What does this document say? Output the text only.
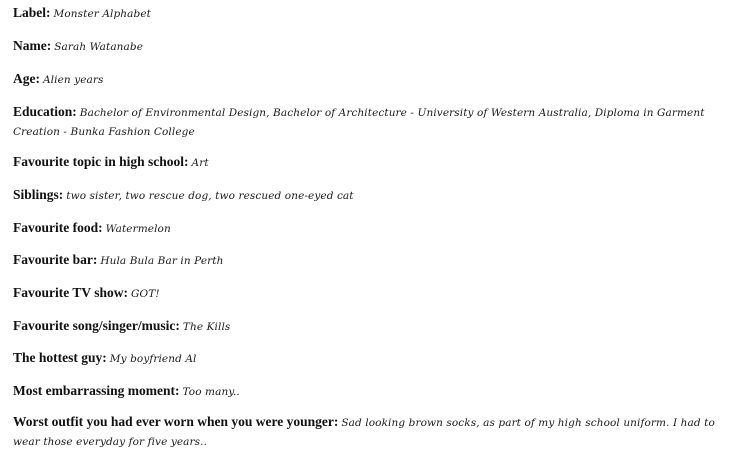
Label: Monster Alphabet
Name: Sarah Watanabe
Age: Alien years
Education: Bachelor of Environmental Design, Bachelor of Architecture - University of Western Australia, Diploma in Garment Creation - Bunka Fashion College
Favourite topic in high school: Art
Siblings: two sister, two rescue dog, two rescued one-eyed cat
Favourite food: Watermelon
Favourite bar: Hula Bula Bar in Perth
Favourite TV show: GOT!
Favourite song/singer/music: The Kills
The hottest guy: My boyfriend Al
Most embarrassing moment: Too many..
Worst outfit you had ever worn when you were younger: Sad looking brown socks, as part of my high school uniform. I had to wear those everyday for five years..
